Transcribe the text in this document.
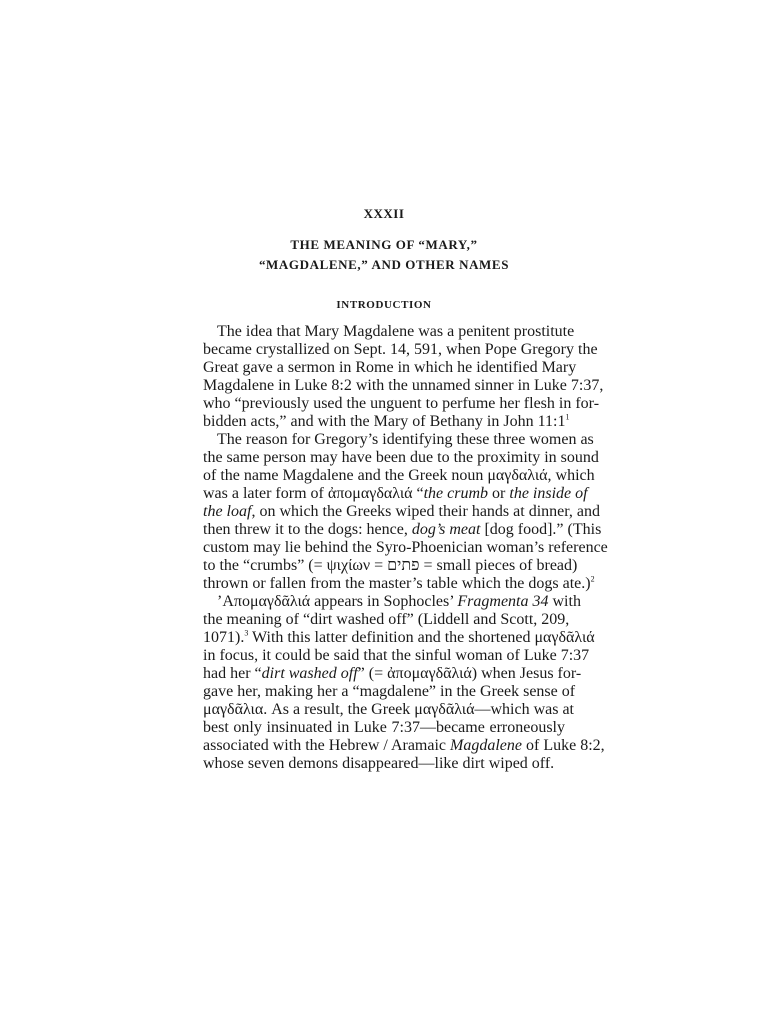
XXXII
THE MEANING OF “MARY,”
“MAGDALENE,” AND OTHER NAMES
INTRODUCTION
The idea that Mary Magdalene was a penitent prostitute
became crystallized on Sept. 14, 591, when Pope Gregory the
Great gave a sermon in Rome in which he identified Mary
Magdalene in Luke 8:2 with the unnamed sinner in Luke 7:37,
who “previously used the unguent to perfume her flesh in for-
bidden acts,” and with the Mary of Bethany in John $11:1^1$
The reason for Gregory’s identifying these three women as
the same person may have been due to the proximity in sound
of the name Magdalene and the Greek noun μαγδαλιά, which
was a later form of ἀπομαγδαλιά “the crumb or the inside of
the loaf, on which the Greeks wiped their hands at dinner, and
then threw it to the dogs: hence, dog’s meat [dog food].” (This
custom may lie behind the Syro-Phoenician woman’s reference
to the “crumbs” (= ψιχίων = פתים = small pieces of bread)
thrown or fallen from the master’s table which the dogs ate.)$^2$
’Απομαγδᾶλιά appears in Sophocles’ Fragmenta 34 with
the meaning of “dirt washed off” (Liddell and Scott, 209,
1071).$^3$ With this latter definition and the shortened μαγδᾶλιά
in focus, it could be said that the sinful woman of Luke 7:37
had her “dirt washed off” (= ἀπομαγδᾶλιά) when Jesus for-
gave her, making her a “magdalene” in the Greek sense of
μαγδᾶλια. As a result, the Greek μαγδᾶλιά—which was at
best only insinuated in Luke 7:37—became erroneously
associated with the Hebrew / Aramaic Magdalene of Luke 8:2,
whose seven demons disappeared—like dirt wiped off.
